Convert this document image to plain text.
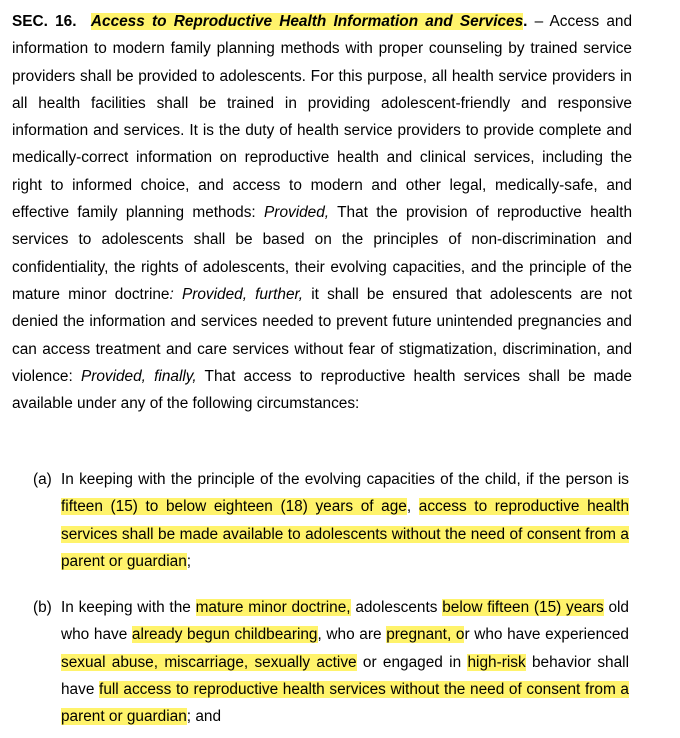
SEC. 16. Access to Reproductive Health Information and Services. – Access and information to modern family planning methods with proper counseling by trained service providers shall be provided to adolescents. For this purpose, all health service providers in all health facilities shall be trained in providing adolescent-friendly and responsive information and services. It is the duty of health service providers to provide complete and medically-correct information on reproductive health and clinical services, including the right to informed choice, and access to modern and other legal, medically-safe, and effective family planning methods: Provided, That the provision of reproductive health services to adolescents shall be based on the principles of non-discrimination and confidentiality, the rights of adolescents, their evolving capacities, and the principle of the mature minor doctrine: Provided, further, it shall be ensured that adolescents are not denied the information and services needed to prevent future unintended pregnancies and can access treatment and care services without fear of stigmatization, discrimination, and violence: Provided, finally, That access to reproductive health services shall be made available under any of the following circumstances:

(a) In keeping with the principle of the evolving capacities of the child, if the person is fifteen (15) to below eighteen (18) years of age, access to reproductive health services shall be made available to adolescents without the need of consent from a parent or guardian;

(b) In keeping with the mature minor doctrine, adolescents below fifteen (15) years old who have already begun childbearing, who are pregnant, or who have experienced sexual abuse, miscarriage, sexually active or engaged in high-risk behavior shall have full access to reproductive health services without the need of consent from a parent or guardian; and
